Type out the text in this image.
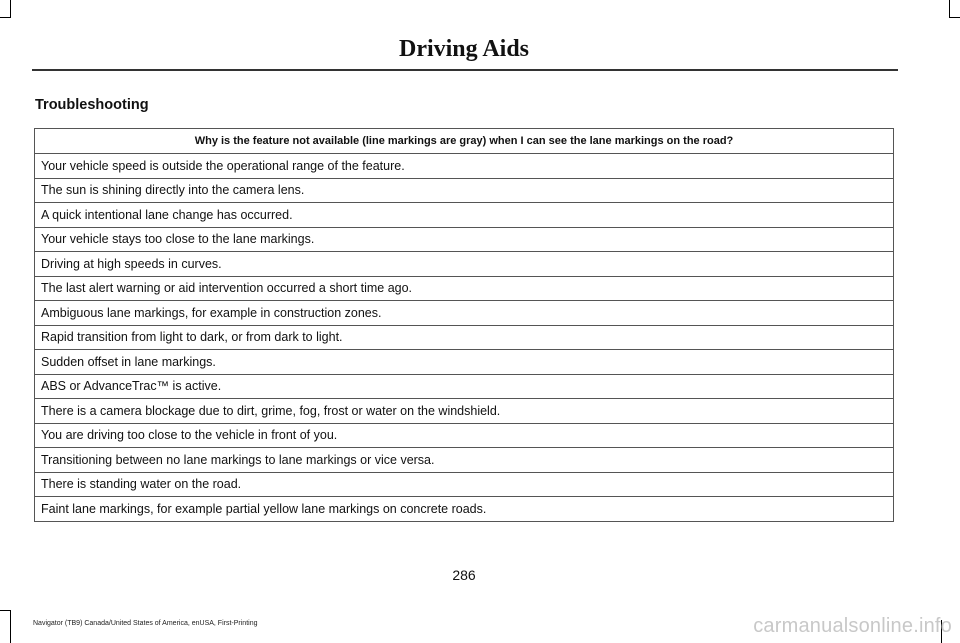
Driving Aids
Troubleshooting
Why is the feature not available (line markings are gray) when I can see the lane markings on the road?
Your vehicle speed is outside the operational range of the feature.
The sun is shining directly into the camera lens.
A quick intentional lane change has occurred.
Your vehicle stays too close to the lane markings.
Driving at high speeds in curves.
The last alert warning or aid intervention occurred a short time ago.
Ambiguous lane markings, for example in construction zones.
Rapid transition from light to dark, or from dark to light.
Sudden offset in lane markings.
ABS or AdvanceTrac™ is active.
There is a camera blockage due to dirt, grime, fog, frost or water on the windshield.
You are driving too close to the vehicle in front of you.
Transitioning between no lane markings to lane markings or vice versa.
There is standing water on the road.
Faint lane markings, for example partial yellow lane markings on concrete roads.
286
Navigator (TB9) Canada/United States of America, enUSA, First-Printing	carmanualsonline.info
